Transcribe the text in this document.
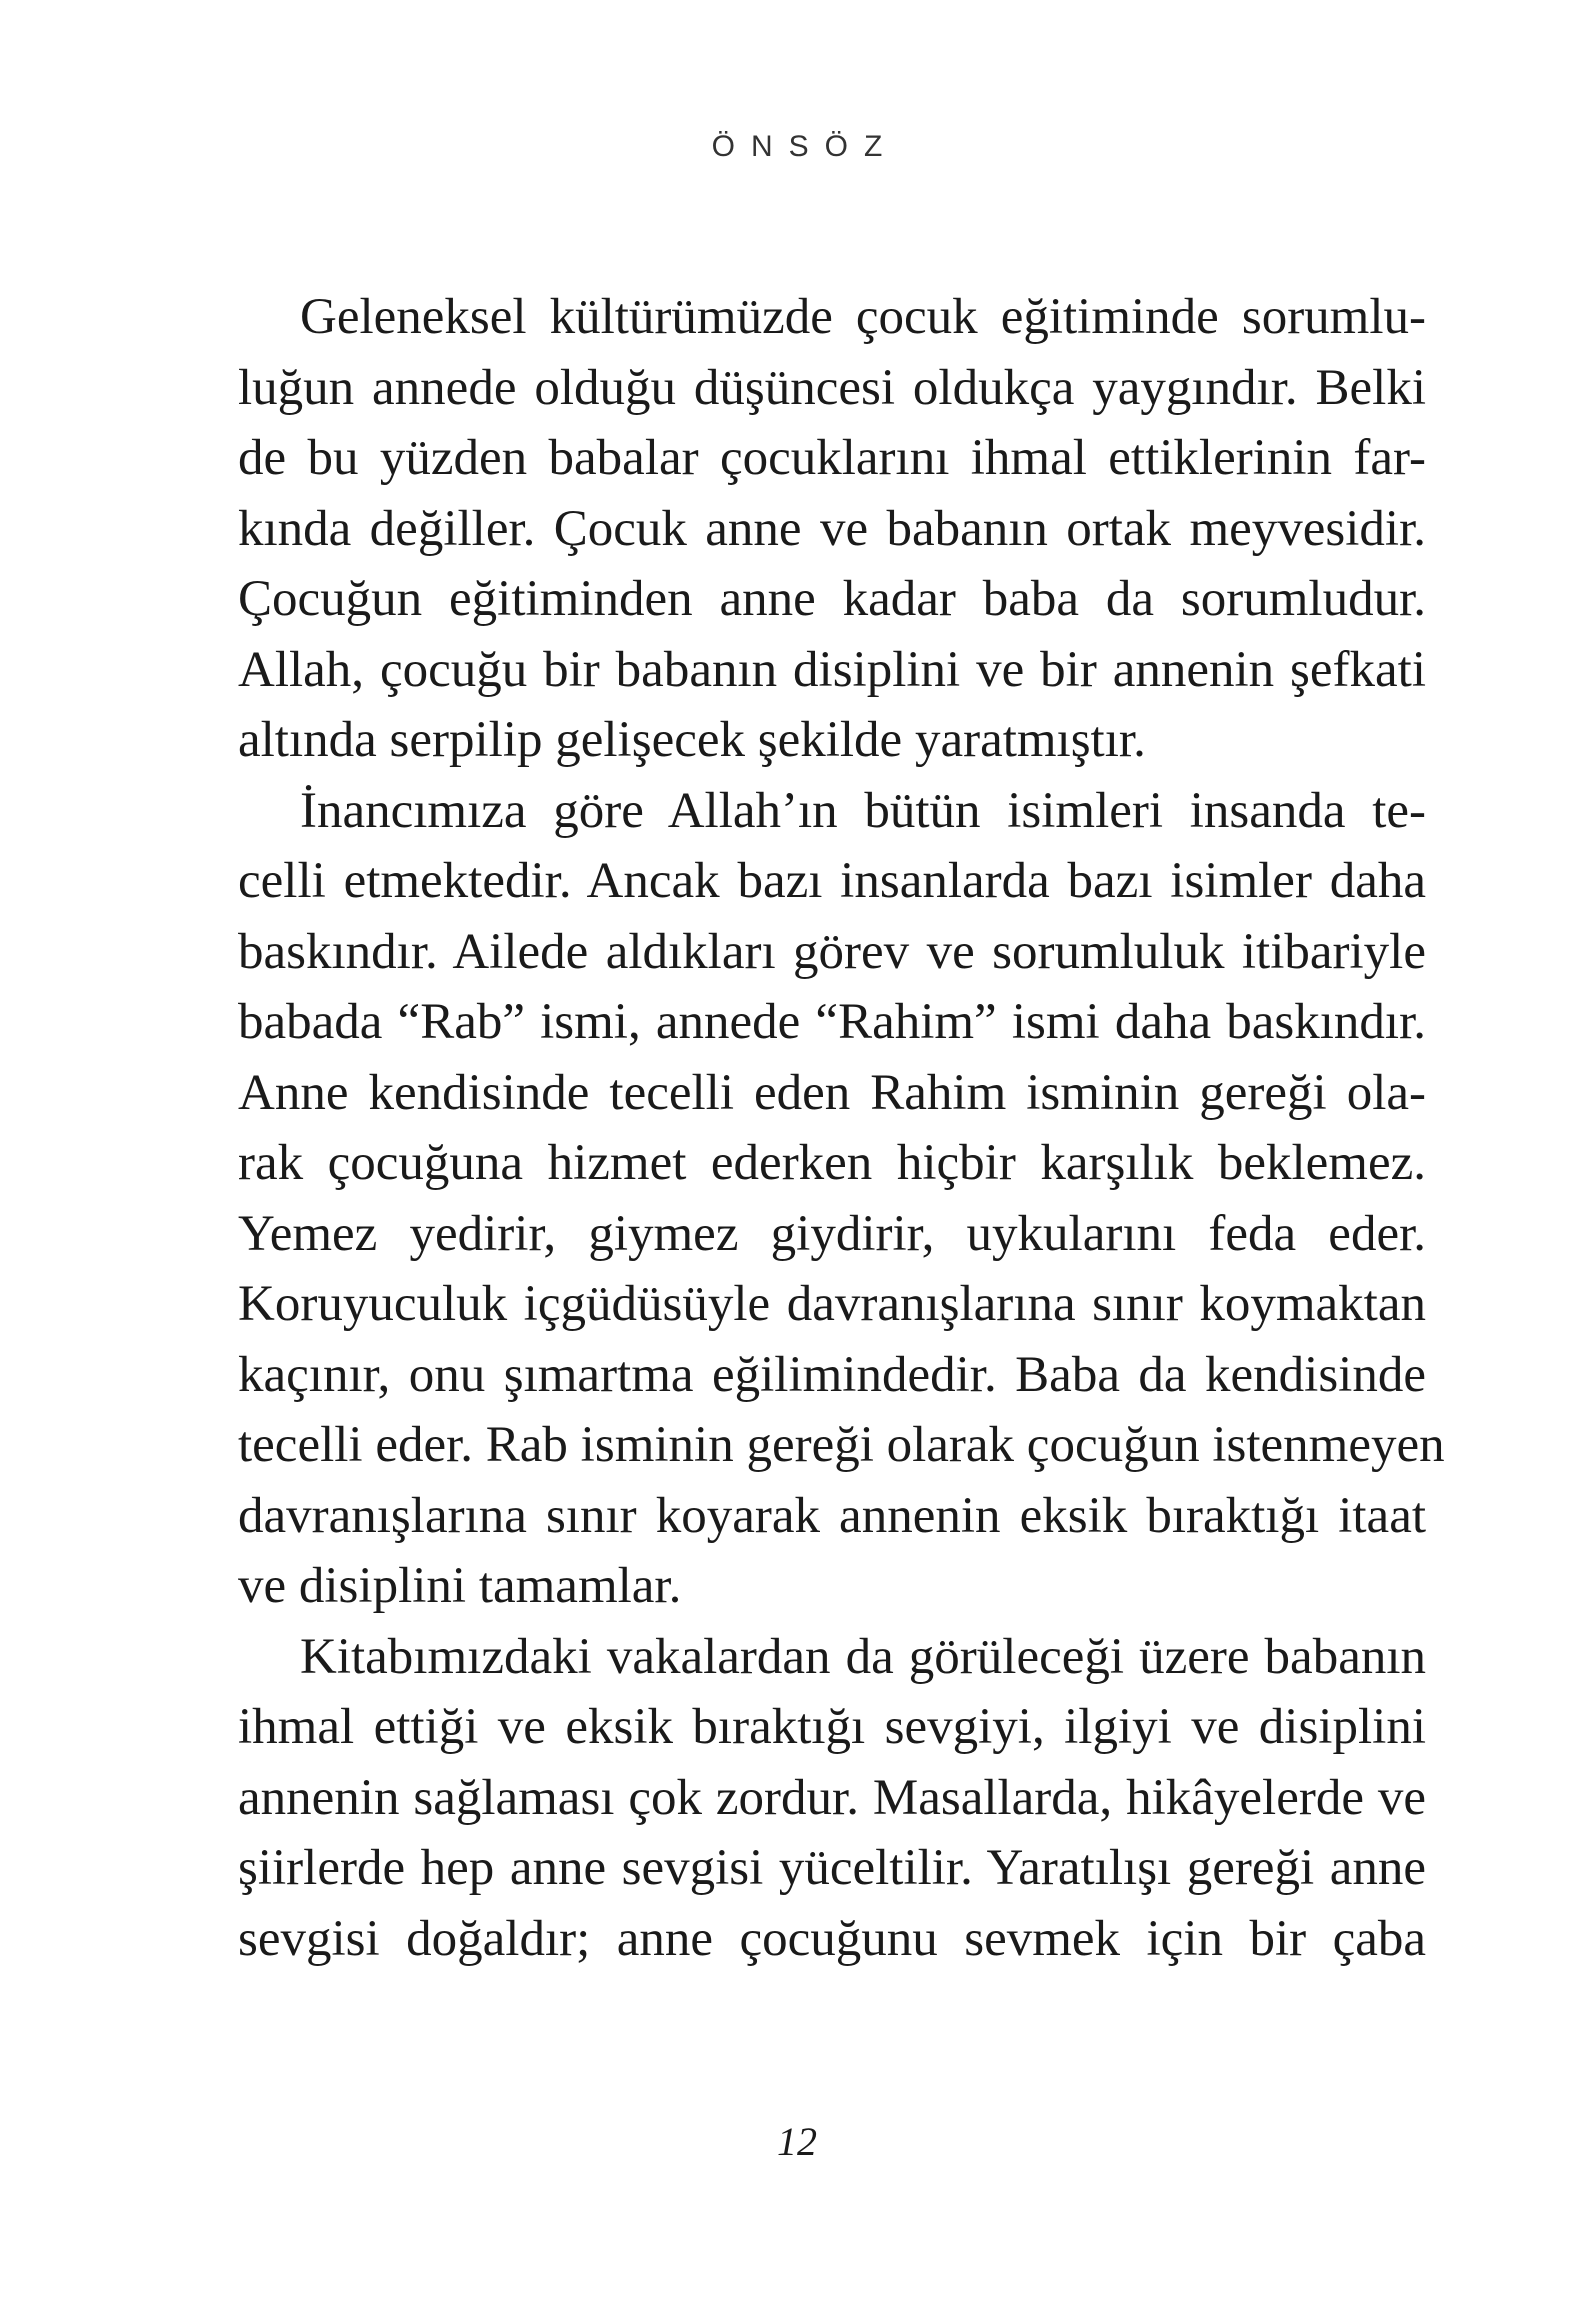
ÖNSÖZ
Geleneksel kültürümüzde çocuk eğitiminde sorumlu-
luğun annede olduğu düşüncesi oldukça yaygındır. Belki
de bu yüzden babalar çocuklarını ihmal ettiklerinin far-
kında değiller. Çocuk anne ve babanın ortak meyvesidir.
Çocuğun eğitiminden anne kadar baba da sorumludur.
Allah, çocuğu bir babanın disiplini ve bir annenin şefkati
altında serpilip gelişecek şekilde yaratmıştır.
İnancımıza göre Allah’ın bütün isimleri insanda te-
celli etmektedir. Ancak bazı insanlarda bazı isimler daha
baskındır. Ailede aldıkları görev ve sorumluluk itibariyle
babada “Rab” ismi, annede “Rahim” ismi daha baskındır.
Anne kendisinde tecelli eden Rahim isminin gereği ola-
rak çocuğuna hizmet ederken hiçbir karşılık beklemez.
Yemez yedirir, giymez giydirir, uykularını feda eder.
Koruyuculuk içgüdüsüyle davranışlarına sınır koymaktan
kaçınır, onu şımartma eğilimindedir. Baba da kendisinde
tecelli eder. Rab isminin gereği olarak çocuğun istenmeyen
davranışlarına sınır koyarak annenin eksik bıraktığı itaat
ve disiplini tamamlar.
Kitabımızdaki vakalardan da görüleceği üzere babanın
ihmal ettiği ve eksik bıraktığı sevgiyi, ilgiyi ve disiplini
annenin sağlaması çok zordur. Masallarda, hikâyelerde ve
şiirlerde hep anne sevgisi yüceltilir. Yaratılışı gereği anne
sevgisi doğaldır; anne çocuğunu sevmek için bir çaba
12
